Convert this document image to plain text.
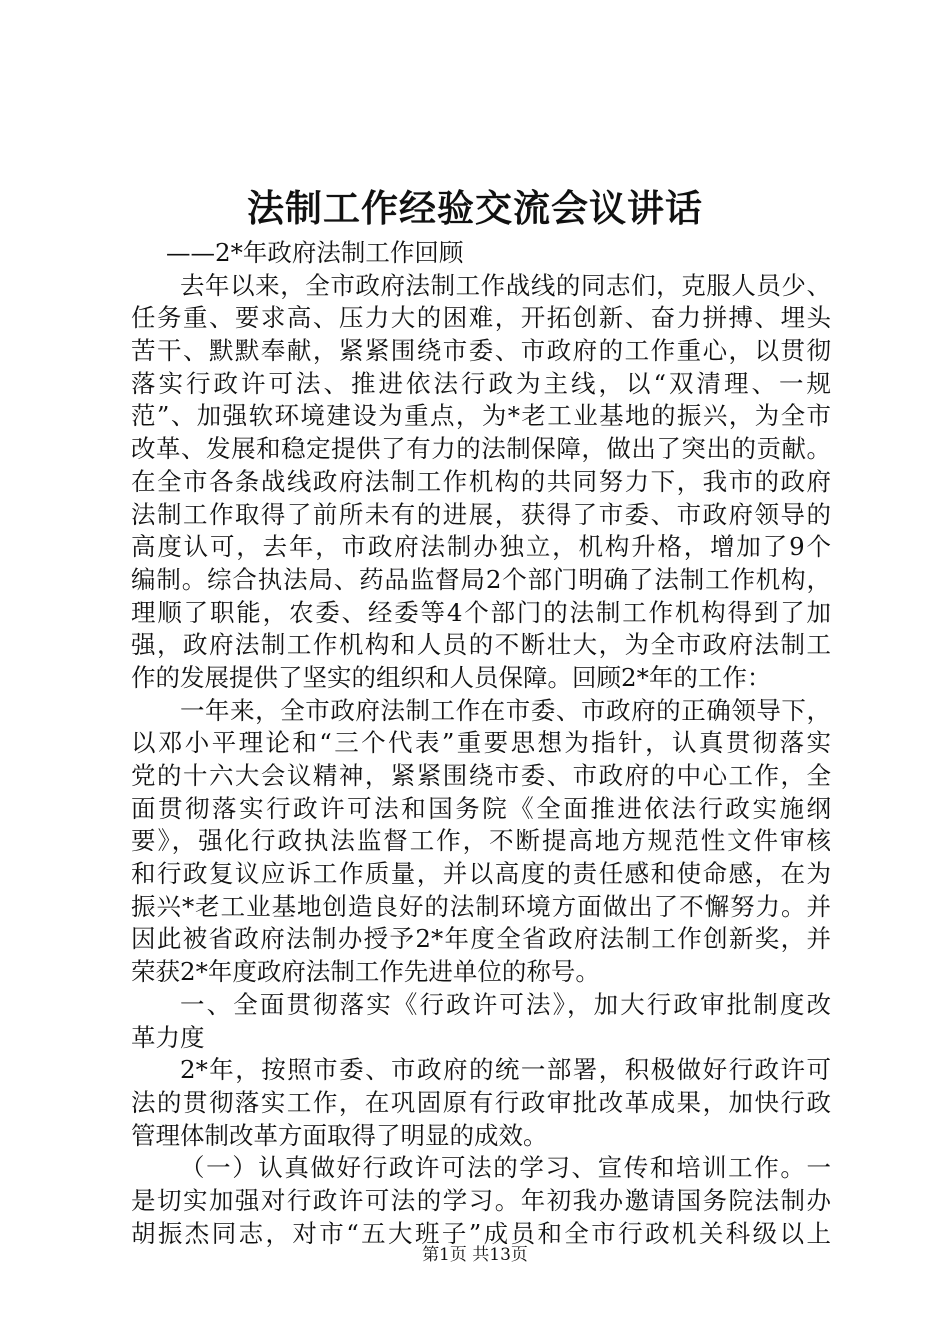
法制工作经验交流会议讲话
——2*年政府法制工作回顾
去年以来，全市政府法制工作战线的同志们，克服人员少、
任务重、要求高、压力大的困难，开拓创新、奋力拼搏、埋头
苦干、默默奉献，紧紧围绕市委、市政府的工作重心，以贯彻
落实行政许可法、推进依法行政为主线，以“双清理、一规
范”、加强软环境建设为重点，为*老工业基地的振兴，为全市
改革、发展和稳定提供了有力的法制保障，做出了突出的贡献。
在全市各条战线政府法制工作机构的共同努力下，我市的政府
法制工作取得了前所未有的进展，获得了市委、市政府领导的
高度认可，去年，市政府法制办独立，机构升格，增加了9个
编制。综合执法局、药品监督局2个部门明确了法制工作机构，
理顺了职能，农委、经委等4个部门的法制工作机构得到了加
强，政府法制工作机构和人员的不断壮大，为全市政府法制工
作的发展提供了坚实的组织和人员保障。回顾2*年的工作：
一年来，全市政府法制工作在市委、市政府的正确领导下，
以邓小平理论和“三个代表”重要思想为指针，认真贯彻落实
党的十六大会议精神，紧紧围绕市委、市政府的中心工作，全
面贯彻落实行政许可法和国务院《全面推进依法行政实施纲
要》，强化行政执法监督工作，不断提高地方规范性文件审核
和行政复议应诉工作质量，并以高度的责任感和使命感，在为
振兴*老工业基地创造良好的法制环境方面做出了不懈努力。并
因此被省政府法制办授予2*年度全省政府法制工作创新奖，并
荣获2*年度政府法制工作先进单位的称号。
一、全面贯彻落实《行政许可法》，加大行政审批制度改
革力度
2*年，按照市委、市政府的统一部署，积极做好行政许可
法的贯彻落实工作，在巩固原有行政审批改革成果，加快行政
管理体制改革方面取得了明显的成效。
（一）认真做好行政许可法的学习、宣传和培训工作。一
是切实加强对行政许可法的学习。年初我办邀请国务院法制办
胡振杰同志，对市“五大班子”成员和全市行政机关科级以上
第1页 共13页
